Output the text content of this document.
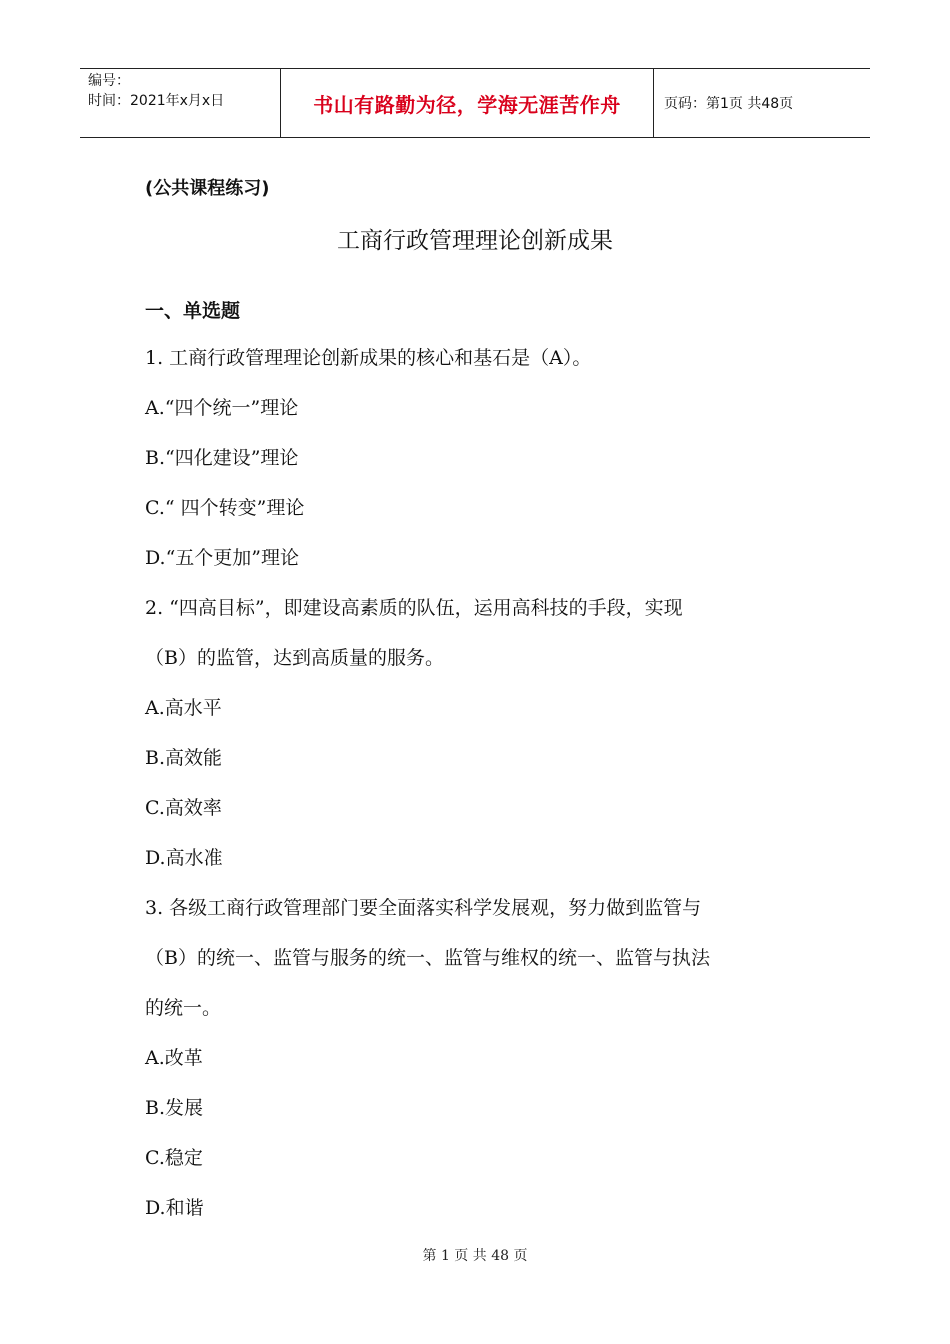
编号：
时间：2021年x月x日	书山有路勤为径，学海无涯苦作舟	页码：第1页 共48页
(公共课程练习)
工商行政管理理论创新成果
一、单选题
1. 工商行政管理理论创新成果的核心和基石是（A）。
A.“四个统一”理论
B.“四化建设”理论
C.“ 四个转变”理论
D.“五个更加”理论
2. “四高目标”，即建设高素质的队伍，运用高科技的手段，实现
（B）的监管，达到高质量的服务。
A.高水平
B.高效能
C.高效率
D.高水准
3. 各级工商行政管理部门要全面落实科学发展观，努力做到监管与
（B）的统一、监管与服务的统一、监管与维权的统一、监管与执法
的统一。
A.改革
B.发展
C.稳定
D.和谐
第 1 页 共 48 页
